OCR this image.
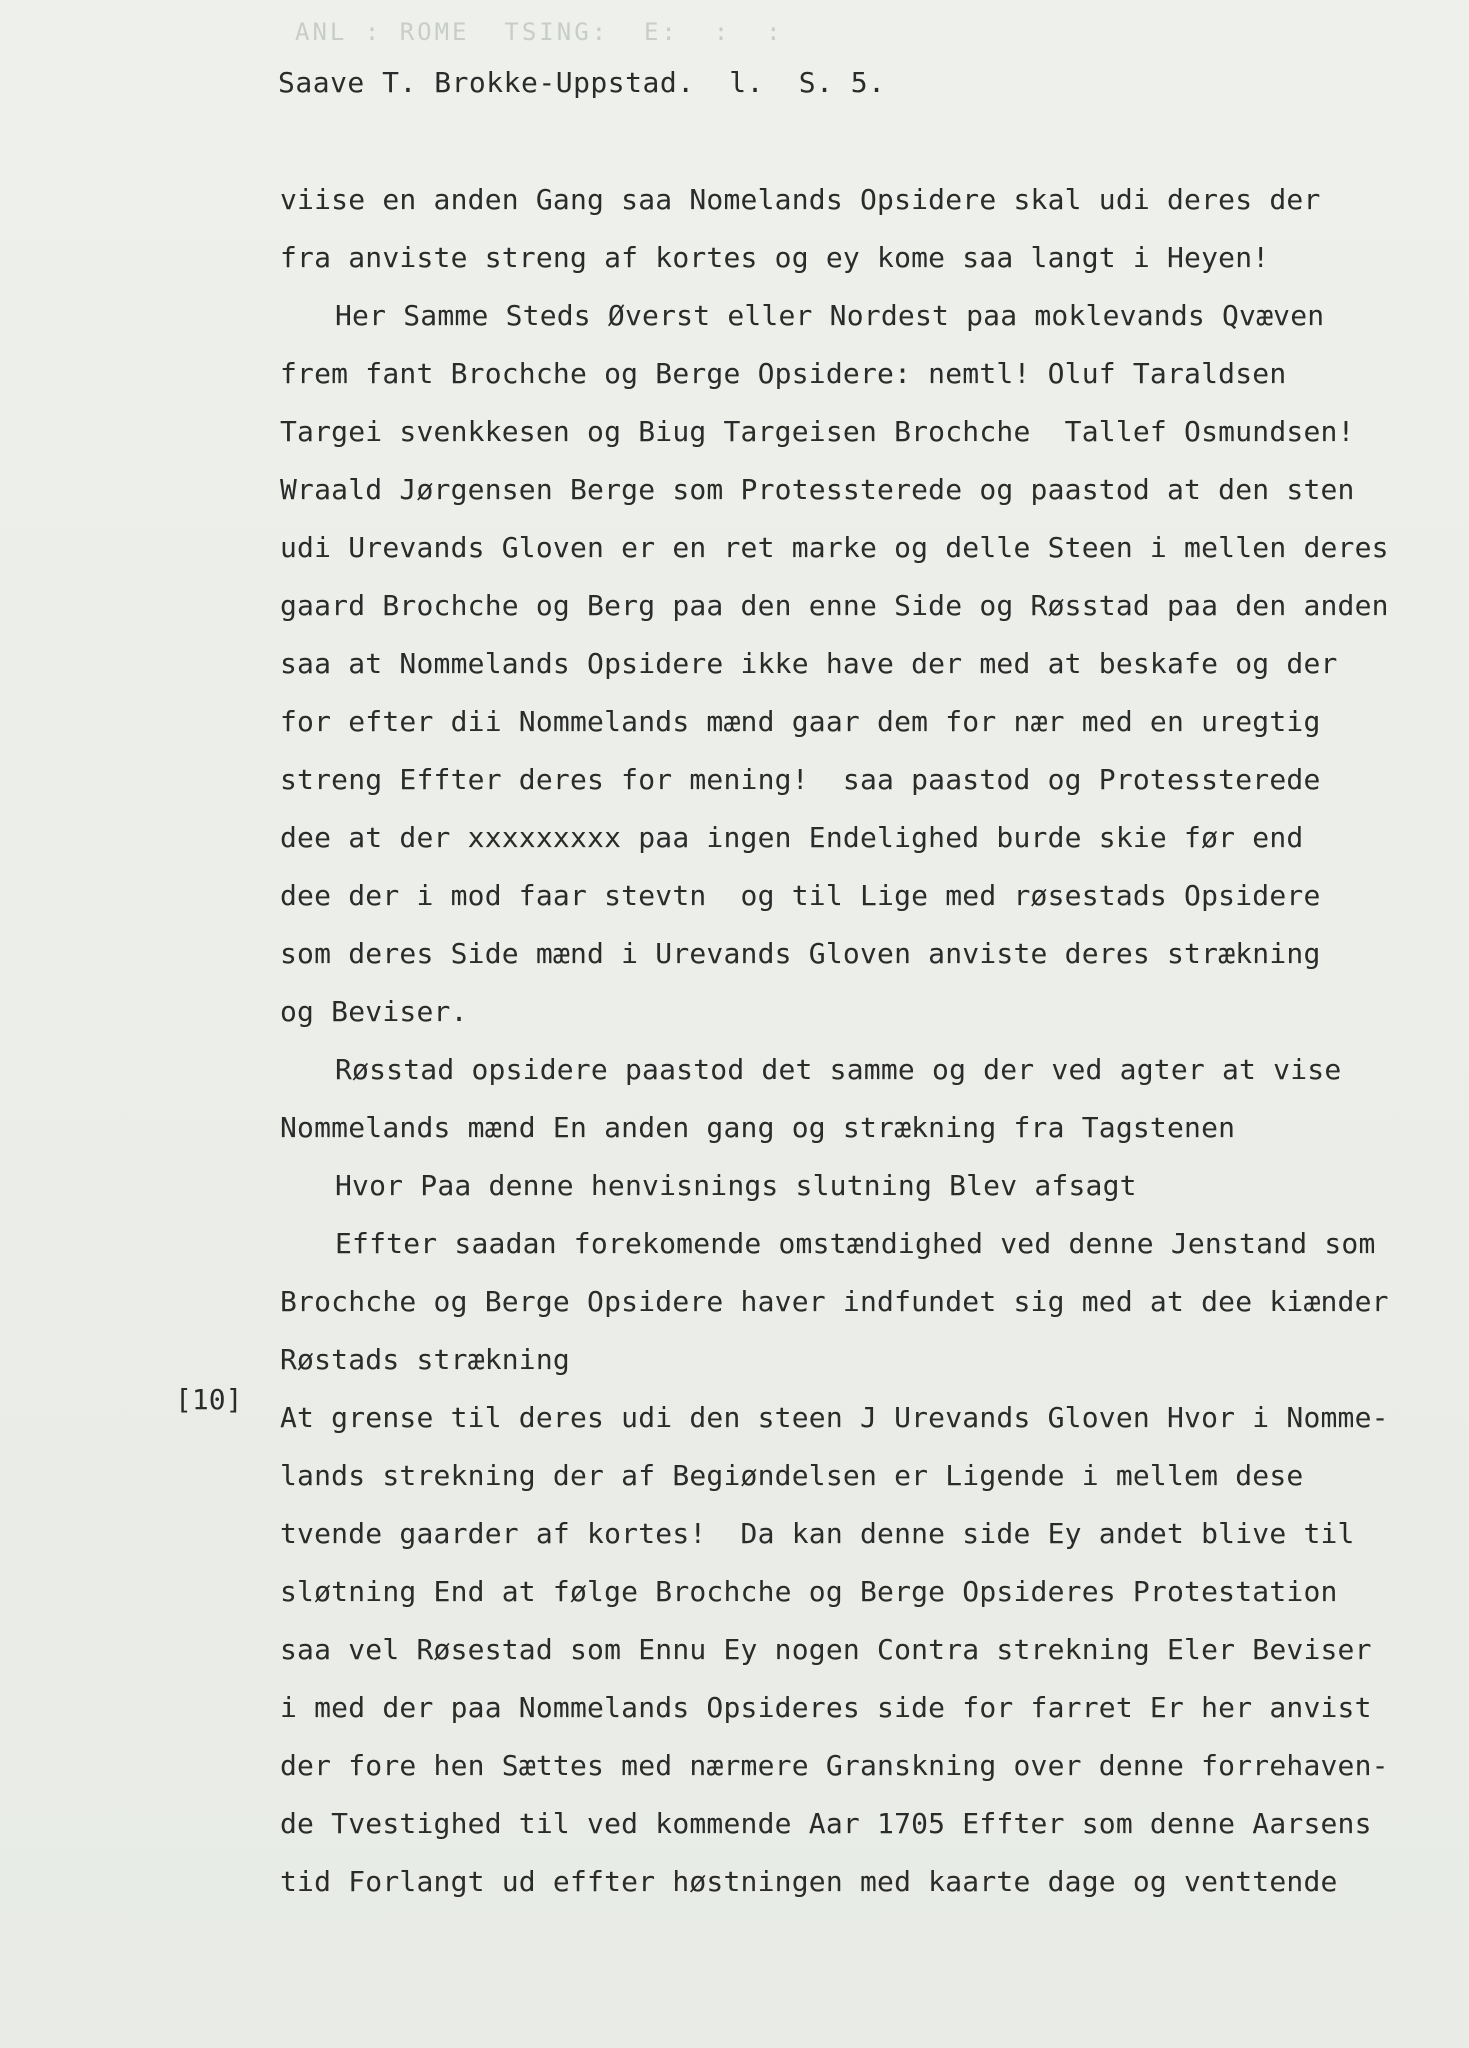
ANL : ROME  TSING:  E:  :  :
Saave T. Brokke-Uppstad.  l.  S. 5.
viise en anden Gang saa Nomelands Opsidere skal udi deres der
fra anviste streng af kortes og ey kome saa langt i Heyen!
Her Samme Steds Øverst eller Nordest paa moklevands Qvæven
frem fant Brochche og Berge Opsidere: nemtl! Oluf Taraldsen
Targei svenkkesen og Biug Targeisen Brochche  Tallef Osmundsen!
Wraald Jørgensen Berge som Protessterede og paastod at den sten
udi Urevands Gloven er en ret marke og delle Steen i mellen deres
gaard Brochche og Berg paa den enne Side og Røsstad paa den anden
saa at Nommelands Opsidere ikke have der med at beskafe og der
for efter dii Nommelands mænd gaar dem for nær med en uregtig
streng Effter deres for mening!  saa paastod og Protessterede
dee at der xxxxxxxxx paa ingen Endelighed burde skie før end
dee der i mod faar stevtn  og til Lige med røsestads Opsidere
som deres Side mænd i Urevands Gloven anviste deres strækning
og Beviser.
Røsstad opsidere paastod det samme og der ved agter at vise
Nommelands mænd En anden gang og strækning fra Tagstenen
Hvor Paa denne henvisnings slutning Blev afsagt
Effter saadan forekomende omstændighed ved denne Jenstand som
Brochche og Berge Opsidere haver indfundet sig med at dee kiænder
Røstads strækning
At grense til deres udi den steen J Urevands Gloven Hvor i Nomme-
lands strekning der af Begiøndelsen er Ligende i mellem dese
tvende gaarder af kortes!  Da kan denne side Ey andet blive til
sløtning End at følge Brochche og Berge Opsideres Protestation
saa vel Røsestad som Ennu Ey nogen Contra strekning Eler Beviser
i med der paa Nommelands Opsideres side for farret Er her anvist
der fore hen Sættes med nærmere Granskning over denne forrehaven-
de Tvestighed til ved kommende Aar 1705 Effter som denne Aarsens
tid Forlangt ud effter høstningen med kaarte dage og venttende
[10]
